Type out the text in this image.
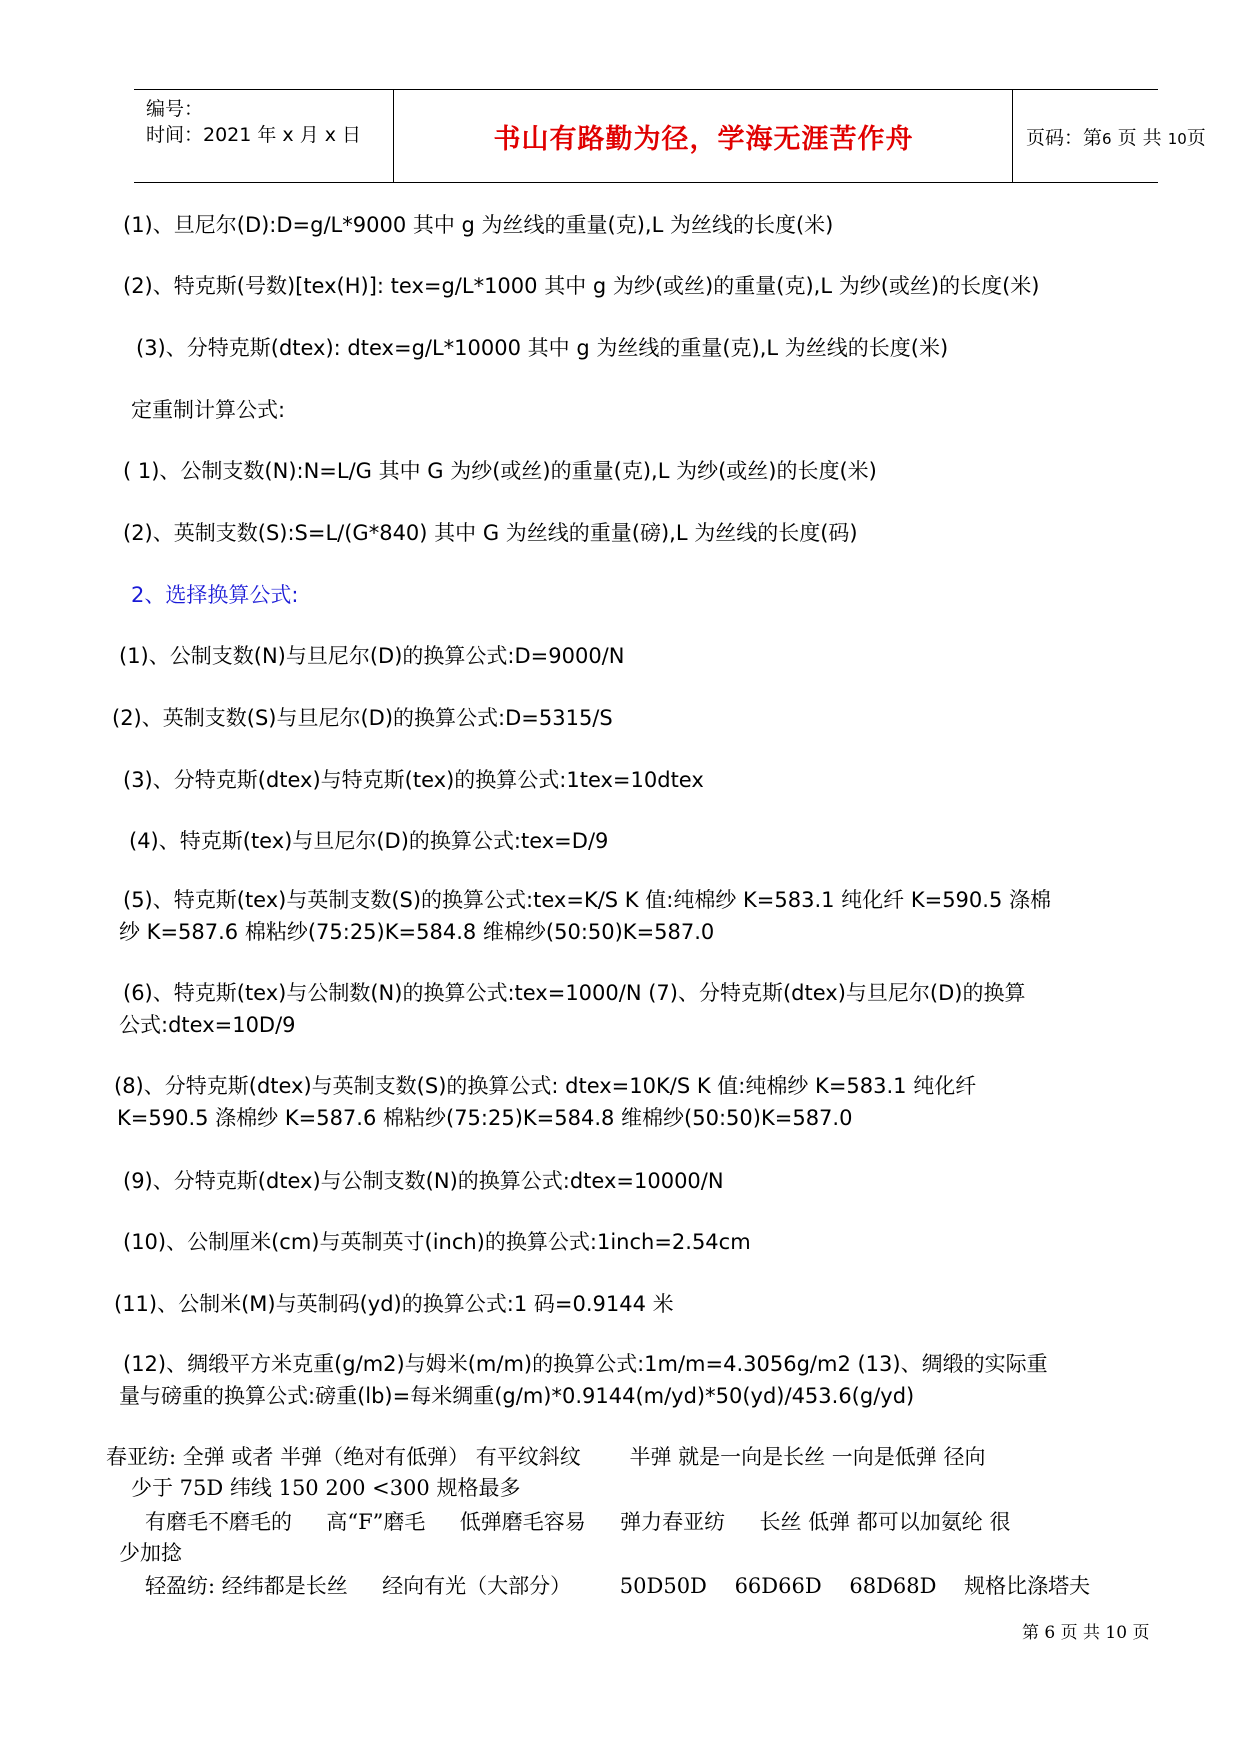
编号：
时间：2021 年 x 月 x 日	书山有路勤为径，学海无涯苦作舟	页码：第6 页 共 10页
(1)、旦尼尔(D):D=g/L*9000 其中 g 为丝线的重量(克),L 为丝线的长度(米)
(2)、特克斯(号数)[tex(H)]: tex=g/L*1000 其中 g 为纱(或丝)的重量(克),L 为纱(或丝)的长度(米)
(3)、分特克斯(dtex): dtex=g/L*10000 其中 g 为丝线的重量(克),L 为丝线的长度(米)
定重制计算公式:
( 1)、公制支数(N):N=L/G 其中 G 为纱(或丝)的重量(克),L 为纱(或丝)的长度(米)
(2)、英制支数(S):S=L/(G*840) 其中 G 为丝线的重量(磅),L 为丝线的长度(码)
2、选择换算公式:
(1)、公制支数(N)与旦尼尔(D)的换算公式:D=9000/N
(2)、英制支数(S)与旦尼尔(D)的换算公式:D=5315/S
(3)、分特克斯(dtex)与特克斯(tex)的换算公式:1tex=10dtex
(4)、特克斯(tex)与旦尼尔(D)的换算公式:tex=D/9
(5)、特克斯(tex)与英制支数(S)的换算公式:tex=K/S K 值:纯棉纱 K=583.1 纯化纤 K=590.5 涤棉
纱 K=587.6 棉粘纱(75:25)K=584.8 维棉纱(50:50)K=587.0
(6)、特克斯(tex)与公制数(N)的换算公式:tex=1000/N (7)、分特克斯(dtex)与旦尼尔(D)的换算
公式:dtex=10D/9
(8)、分特克斯(dtex)与英制支数(S)的换算公式: dtex=10K/S K 值:纯棉纱 K=583.1 纯化纤
K=590.5 涤棉纱 K=587.6 棉粘纱(75:25)K=584.8 维棉纱(50:50)K=587.0
(9)、分特克斯(dtex)与公制支数(N)的换算公式:dtex=10000/N
(10)、公制厘米(cm)与英制英寸(inch)的换算公式:1inch=2.54cm
(11)、公制米(M)与英制码(yd)的换算公式:1 码=0.9144 米
(12)、绸缎平方米克重(g/m2)与姆米(m/m)的换算公式:1m/m=4.3056g/m2 (13)、绸缎的实际重
量与磅重的换算公式:磅重(lb)=每米绸重(g/m)*0.9144(m/yd)*50(yd)/453.6(g/yd)
春亚纺: 全弹 或者 半弹（绝对有低弹） 有平纹斜纹 　　半弹 就是一向是长丝 一向是低弹 径向
少于 75D 纬线 150 200 <300 规格最多
有磨毛不磨毛的 　 高“F”磨毛 　 低弹磨毛容易 　 弹力春亚纺 　 长丝 低弹 都可以加氨纶 很
少加捻
轻盈纺: 经纬都是长丝 　 经向有光（大部分） 　　50D50D 　66D66D 　68D68D 　规格比涤塔夫
第 6 页 共 10 页
